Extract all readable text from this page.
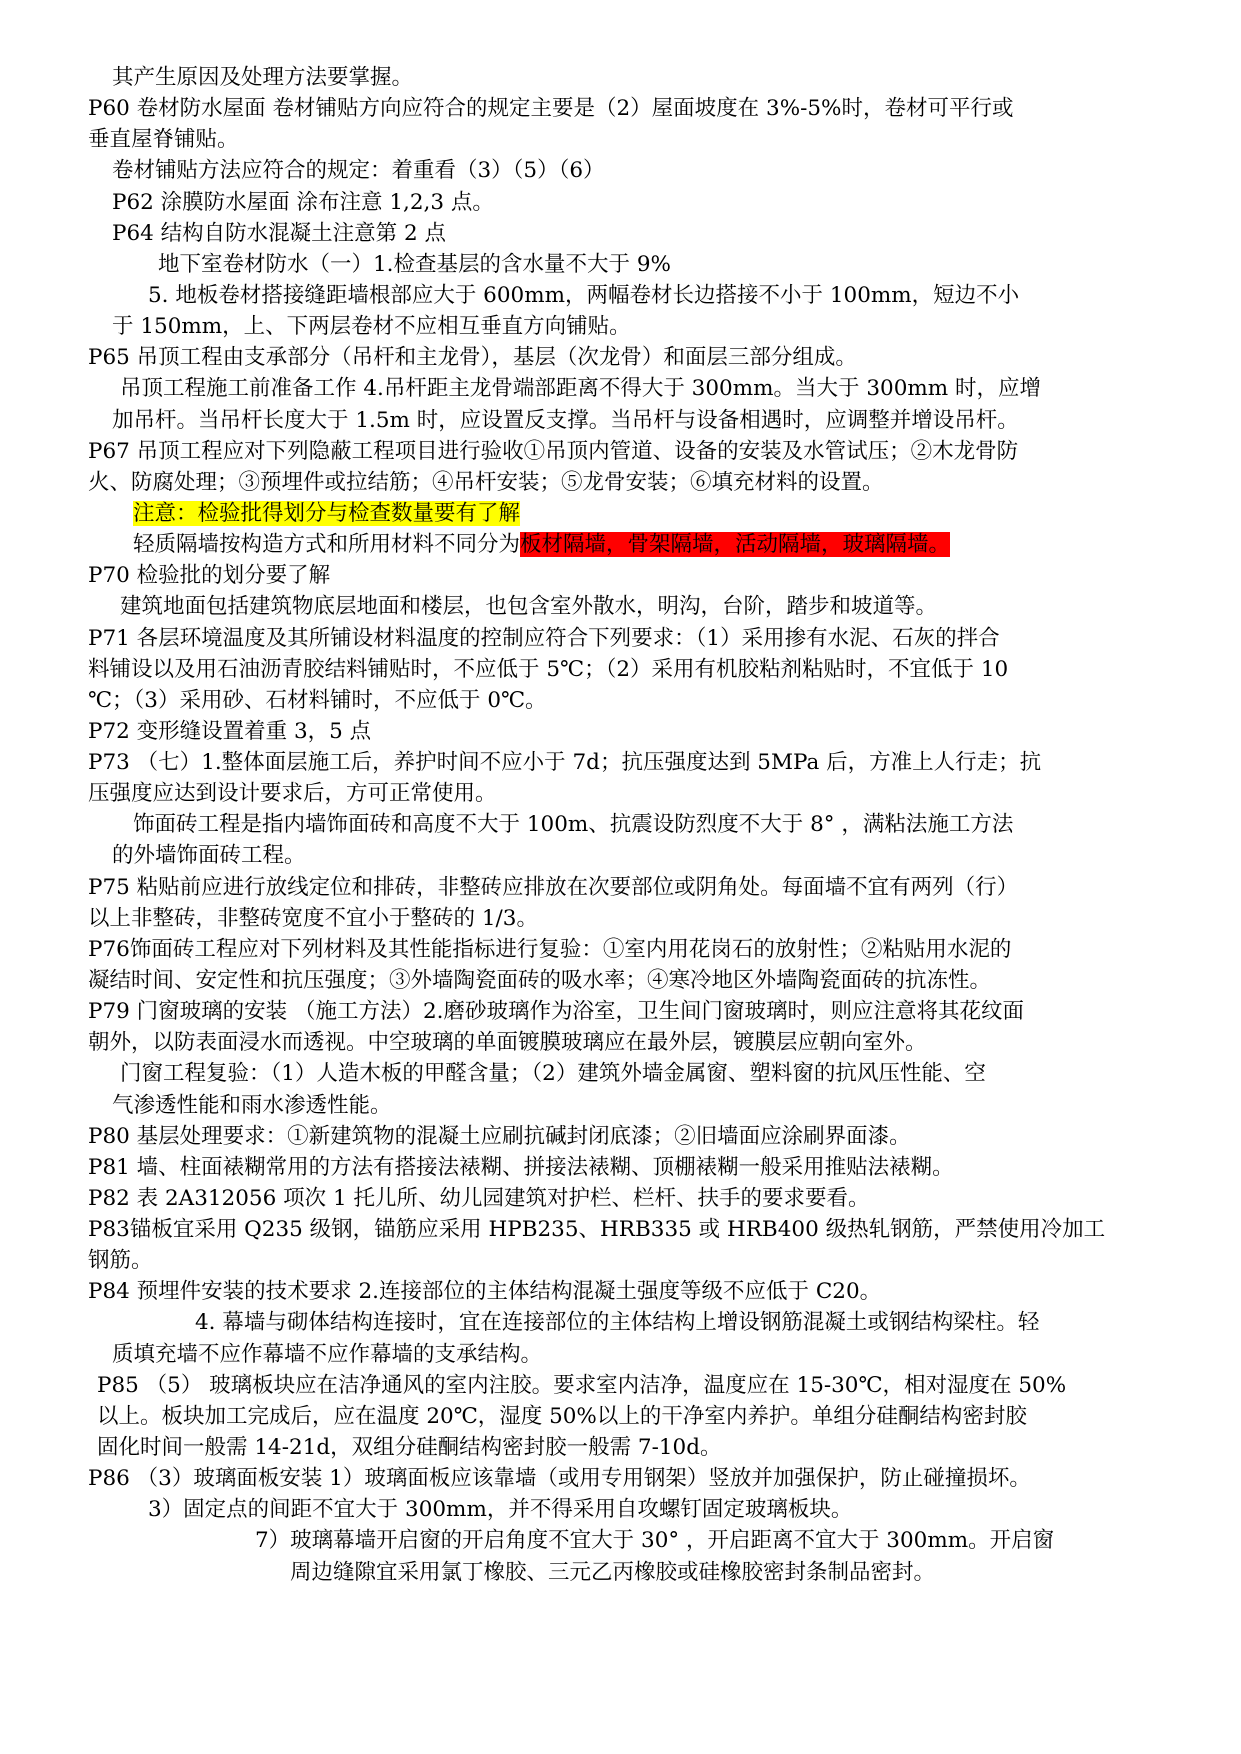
其产生原因及处理方法要掌握。
P60 卷材防水屋面 卷材铺贴方向应符合的规定主要是（2）屋面坡度在 3%-5%时，卷材可平行或
垂直屋脊铺贴。
卷材铺贴方法应符合的规定：着重看（3）（5）（6）
P62 涂膜防水屋面 涂布注意 1,2,3 点。
P64 结构自防水混凝土注意第 2 点
地下室卷材防水（一）1.检查基层的含水量不大于 9%
5. 地板卷材搭接缝距墙根部应大于 600mm，两幅卷材长边搭接不小于 100mm，短边不小
于 150mm，上、下两层卷材不应相互垂直方向铺贴。
P65 吊顶工程由支承部分（吊杆和主龙骨），基层（次龙骨）和面层三部分组成。
吊顶工程施工前准备工作 4.吊杆距主龙骨端部距离不得大于 300mm。当大于 300mm 时，应增
加吊杆。当吊杆长度大于 1.5m 时，应设置反支撑。当吊杆与设备相遇时，应调整并增设吊杆。
P67 吊顶工程应对下列隐蔽工程项目进行验收①吊顶内管道、设备的安装及水管试压；②木龙骨防
火、防腐处理；③预埋件或拉结筋；④吊杆安装；⑤龙骨安装；⑥填充材料的设置。
注意：检验批得划分与检查数量要有了解
轻质隔墙按构造方式和所用材料不同分为板材隔墙，骨架隔墙，活动隔墙，玻璃隔墙。
P70 检验批的划分要了解
建筑地面包括建筑物底层地面和楼层，也包含室外散水，明沟，台阶，踏步和坡道等。
P71 各层环境温度及其所铺设材料温度的控制应符合下列要求：（1）采用掺有水泥、石灰的拌合
料铺设以及用石油沥青胶结料铺贴时，不应低于 5℃；（2）采用有机胶粘剂粘贴时，不宜低于 10
℃；（3）采用砂、石材料铺时，不应低于 0℃。
P72 变形缝设置着重 3，5 点
P73 （七）1.整体面层施工后，养护时间不应小于 7d；抗压强度达到 5MPa 后，方准上人行走；抗
压强度应达到设计要求后，方可正常使用。
饰面砖工程是指内墙饰面砖和高度不大于 100m、抗震设防烈度不大于 8° ，满粘法施工方法
的外墙饰面砖工程。
P75 粘贴前应进行放线定位和排砖，非整砖应排放在次要部位或阴角处。每面墙不宜有两列（行）
以上非整砖，非整砖宽度不宜小于整砖的 1/3。
P76饰面砖工程应对下列材料及其性能指标进行复验：①室内用花岗石的放射性；②粘贴用水泥的
凝结时间、安定性和抗压强度；③外墙陶瓷面砖的吸水率；④寒冷地区外墙陶瓷面砖的抗冻性。
P79 门窗玻璃的安装 （施工方法）2.磨砂玻璃作为浴室，卫生间门窗玻璃时，则应注意将其花纹面
朝外，以防表面浸水而透视。中空玻璃的单面镀膜玻璃应在最外层，镀膜层应朝向室外。
门窗工程复验：（1）人造木板的甲醛含量；（2）建筑外墙金属窗、塑料窗的抗风压性能、空
气渗透性能和雨水渗透性能。
P80 基层处理要求：①新建筑物的混凝土应刷抗碱封闭底漆；②旧墙面应涂刷界面漆。
P81 墙、柱面裱糊常用的方法有搭接法裱糊、拼接法裱糊、顶棚裱糊一般采用推贴法裱糊。
P82 表 2A312056 项次 1 托儿所、幼儿园建筑对护栏、栏杆、扶手的要求要看。
P83锚板宜采用 Q235 级钢，锚筋应采用 HPB235、HRB335 或 HRB400 级热轧钢筋，严禁使用冷加工
钢筋。
P84 预埋件安装的技术要求 2.连接部位的主体结构混凝土强度等级不应低于 C20。
4. 幕墙与砌体结构连接时，宜在连接部位的主体结构上增设钢筋混凝土或钢结构梁柱。轻
质填充墙不应作幕墙不应作幕墙的支承结构。
P85 （5） 玻璃板块应在洁净通风的室内注胶。要求室内洁净，温度应在 15-30℃，相对湿度在 50%
以上。板块加工完成后，应在温度 20℃，湿度 50%以上的干净室内养护。单组分硅酮结构密封胶
固化时间一般需 14-21d，双组分硅酮结构密封胶一般需 7-10d。
P86 （3）玻璃面板安装 1）玻璃面板应该靠墙（或用专用钢架）竖放并加强保护，防止碰撞损坏。
3）固定点的间距不宜大于 300mm，并不得采用自攻螺钉固定玻璃板块。
7）玻璃幕墙开启窗的开启角度不宜大于 30° ，开启距离不宜大于 300mm。开启窗
周边缝隙宜采用氯丁橡胶、三元乙丙橡胶或硅橡胶密封条制品密封。
